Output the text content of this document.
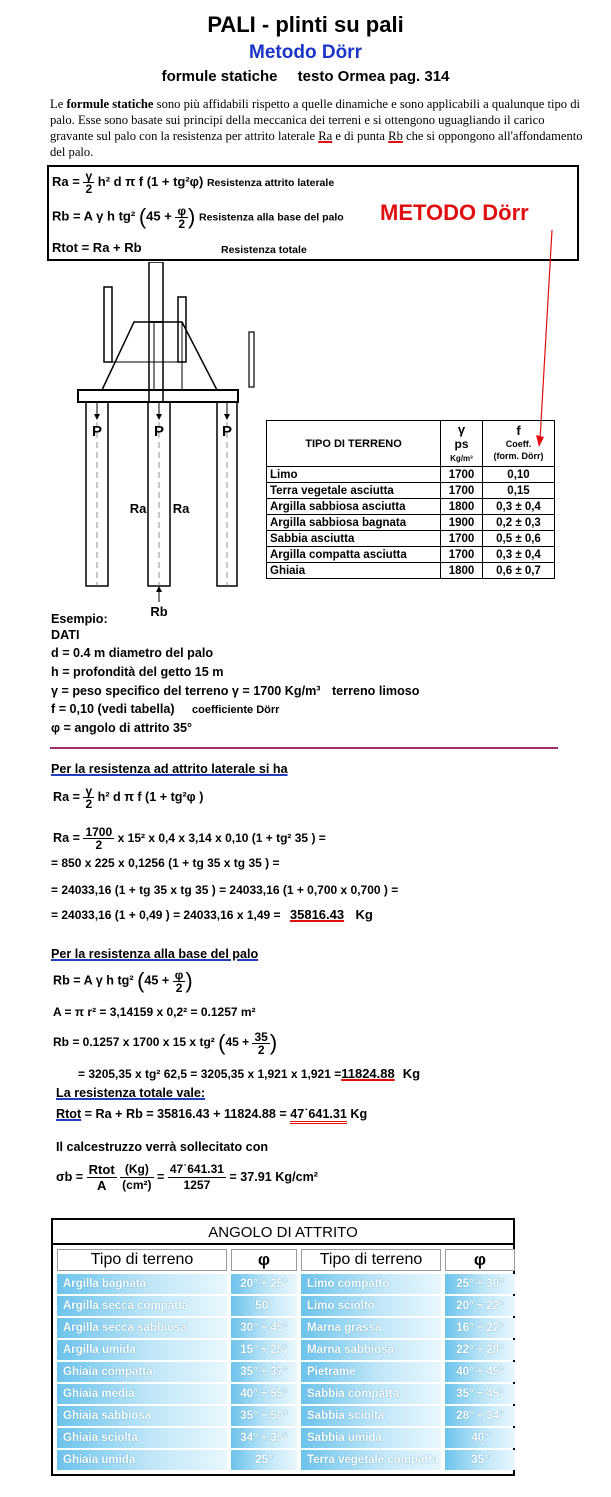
PALI - plinti su pali
Metodo Dörr
formule statiche testo Ormea pag. 314
Le formule statiche sono più affidabili rispetto a quelle dinamiche e sono applicabili a qualunque tipo di palo. Esse sono basate sui principi della meccanica dei terreni e si ottengono uguagliando il carico gravante sul palo con la resistenza per attrito laterale Ra e di punta Rb che si oppongono all'affondamento del palo.
$Ra = \frac{\gamma}{2} h^2$ d π f (1 + tg²φ) Resistenza attrito laterale
Rb = A γ h tg² ($45 + \frac{\varphi}{2}$ ) Resistenza alla base del palo
Rtot = Ra + Rb	Resistenza totale
METODO Dörr
P	P	P
Ra Ra
Rb
TIPO DI TERRENO	γ
ps
Kg/m³	f
Coeff.
(form. Dörr)
Limo	1700	0,10
Terra vegetale asciutta	1700	0,15
Argilla sabbiosa asciutta	1800	0,3 ± 0,4
Argilla sabbiosa bagnata	1900	0,2 ± 0,3
Sabbia asciutta	1700	0,5 ± 0,6
Argilla compatta asciutta	1700	0,3 ± 0,4
Ghiaia	1800	0,6 ± 0,7
Esempio:
DATI
d = 0.4 m diametro del palo
h = profondità del getto 15 m
γ = peso specifico del terreno γ = 1700 Kg/m³ terreno limoso
f = 0,10 (vedi tabella) coefficiente Dörr
φ = angolo di attrito 35°
Per la resistenza ad attrito laterale si ha
$Ra = \frac{\gamma}{2} h^2$ d π f (1 + tg²φ )
$Ra = \frac{1700}{2}$ x 15² x 0,4 x 3,14 x 0,10 (1 + tg² 35 ) =
= 850 x 225 x 0,1256 (1 + tg 35 x tg 35 ) =
= 24033,16 (1 + tg 35 x tg 35 ) = 24033,16 (1 + 0,700 x 0,700 ) =
= 24033,16 (1 + 0,49 ) = 24033,16 x 1,49 = 35816.43 Kg
Per la resistenza alla base del palo
Rb = A γ h tg² ($45 + \frac{\varphi}{2}$ )
A = π r² = 3,14159 x 0,2² = 0.1257 m²
Rb = 0.1257 x 1700 x 15 x tg² ($45 + \frac{35}{2}$ )
= 3205,35 x tg² 62,5 = 3205,35 x 1,921 x 1,921 =11824.88 Kg
La resistenza totale vale:
Rtot = Ra + Rb = 35816.43 + 11824.88 = 47˙641.31 Kg
Il calcestruzzo verrà sollecitato con
$\sigma b = \frac{\text{Rtot}}{A}$
$\frac{(Kg)}{\text{(cm²)}} = \frac{47˙641.31}{1257} = 37.91$ Kg/cm²
ANGOLO DI ATTRITO
Tipo di terreno	φ	Tipo di terreno	φ
Argilla bagnata	20° ÷ 25°	Limo compatto	25° ÷ 30°
Argilla secca compatta	50°	Limo sciolto	20° ÷ 22°
Argilla secca sabbiosa	30° ÷ 45°	Marna grassa	16° ÷ 22°
Argilla umida	15° ÷ 25°	Marna sabbiosa	22° ÷ 29°
Ghiaia compatta	35° ÷ 37°	Pietrame	40° ÷ 45°
Ghiaia media	40° ÷ 55°	Sabbia compatta	35° ÷ 45°
Ghiaia sabbiosa	35° ÷ 50°	Sabbia sciolta	28° ÷ 34°
Ghiaia sciolta	34° ÷ 35°	Sabbia umida	40°
Ghiaia umida	25°	Terra vegetale compatta	35°
